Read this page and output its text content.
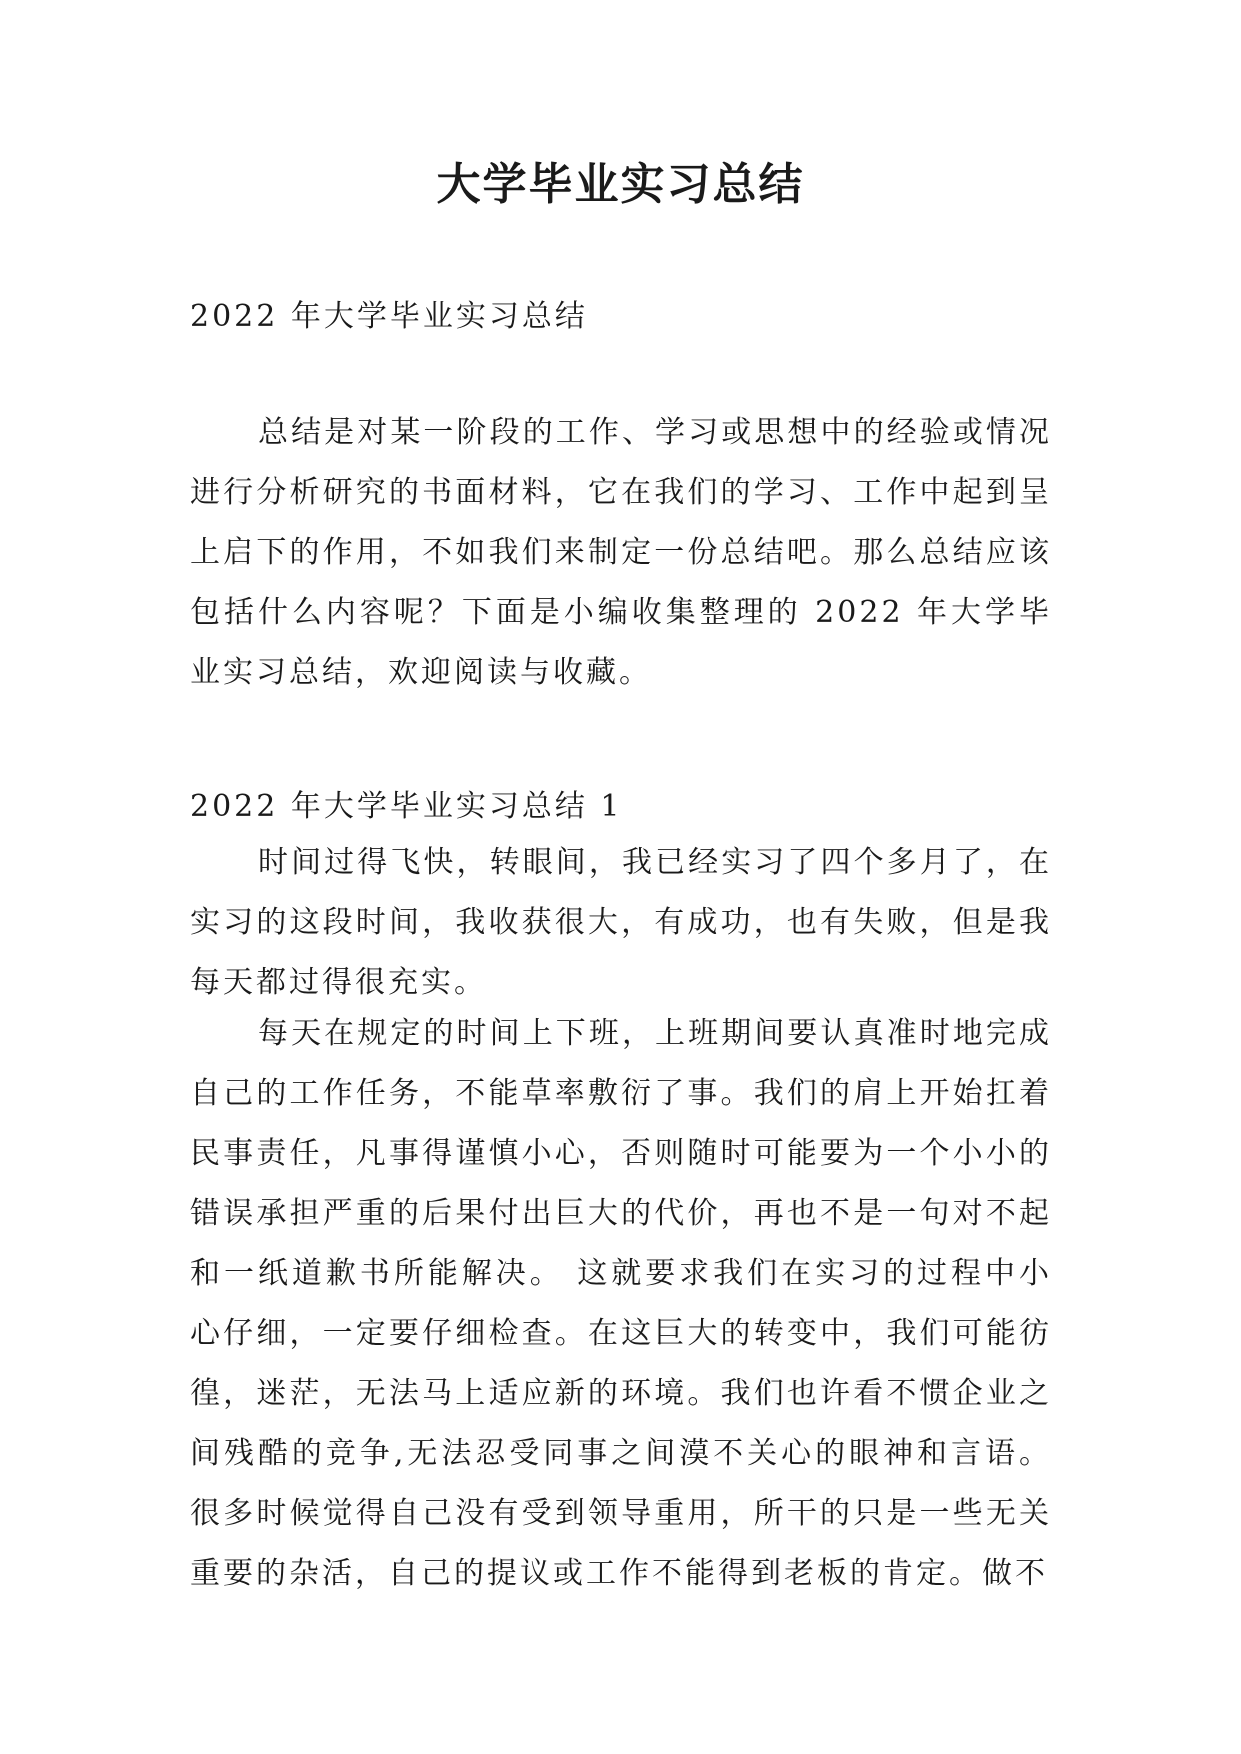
大学毕业实习总结
2022 年大学毕业实习总结
总结是对某一阶段的工作、学习或思想中的经验或情况进行分析研究的书面材料，它在我们的学习、工作中起到呈上启下的作用，不如我们来制定一份总结吧。那么总结应该包括什么内容呢？下面是小编收集整理的 2022 年大学毕业实习总结，欢迎阅读与收藏。
2022 年大学毕业实习总结 1
时间过得飞快，转眼间，我已经实习了四个多月了，在实习的这段时间，我收获很大，有成功，也有失败，但是我每天都过得很充实。
每天在规定的时间上下班，上班期间要认真准时地完成自己的工作任务，不能草率敷衍了事。我们的肩上开始扛着民事责任，凡事得谨慎小心，否则随时可能要为一个小小的错误承担严重的后果付出巨大的代价，再也不是一句对不起和一纸道歉书所能解决。 这就要求我们在实习的过程中小心仔细，一定要仔细检查。在这巨大的转变中，我们可能彷徨，迷茫，无法马上适应新的环境。我们也许看不惯企业之间残酷的竞争,无法忍受同事之间漠不关心的眼神和言语。很多时候觉得自己没有受到领导重用，所干的只是一些无关重要的杂活，自己的提议或工作不能得到老板的肯定。做不
